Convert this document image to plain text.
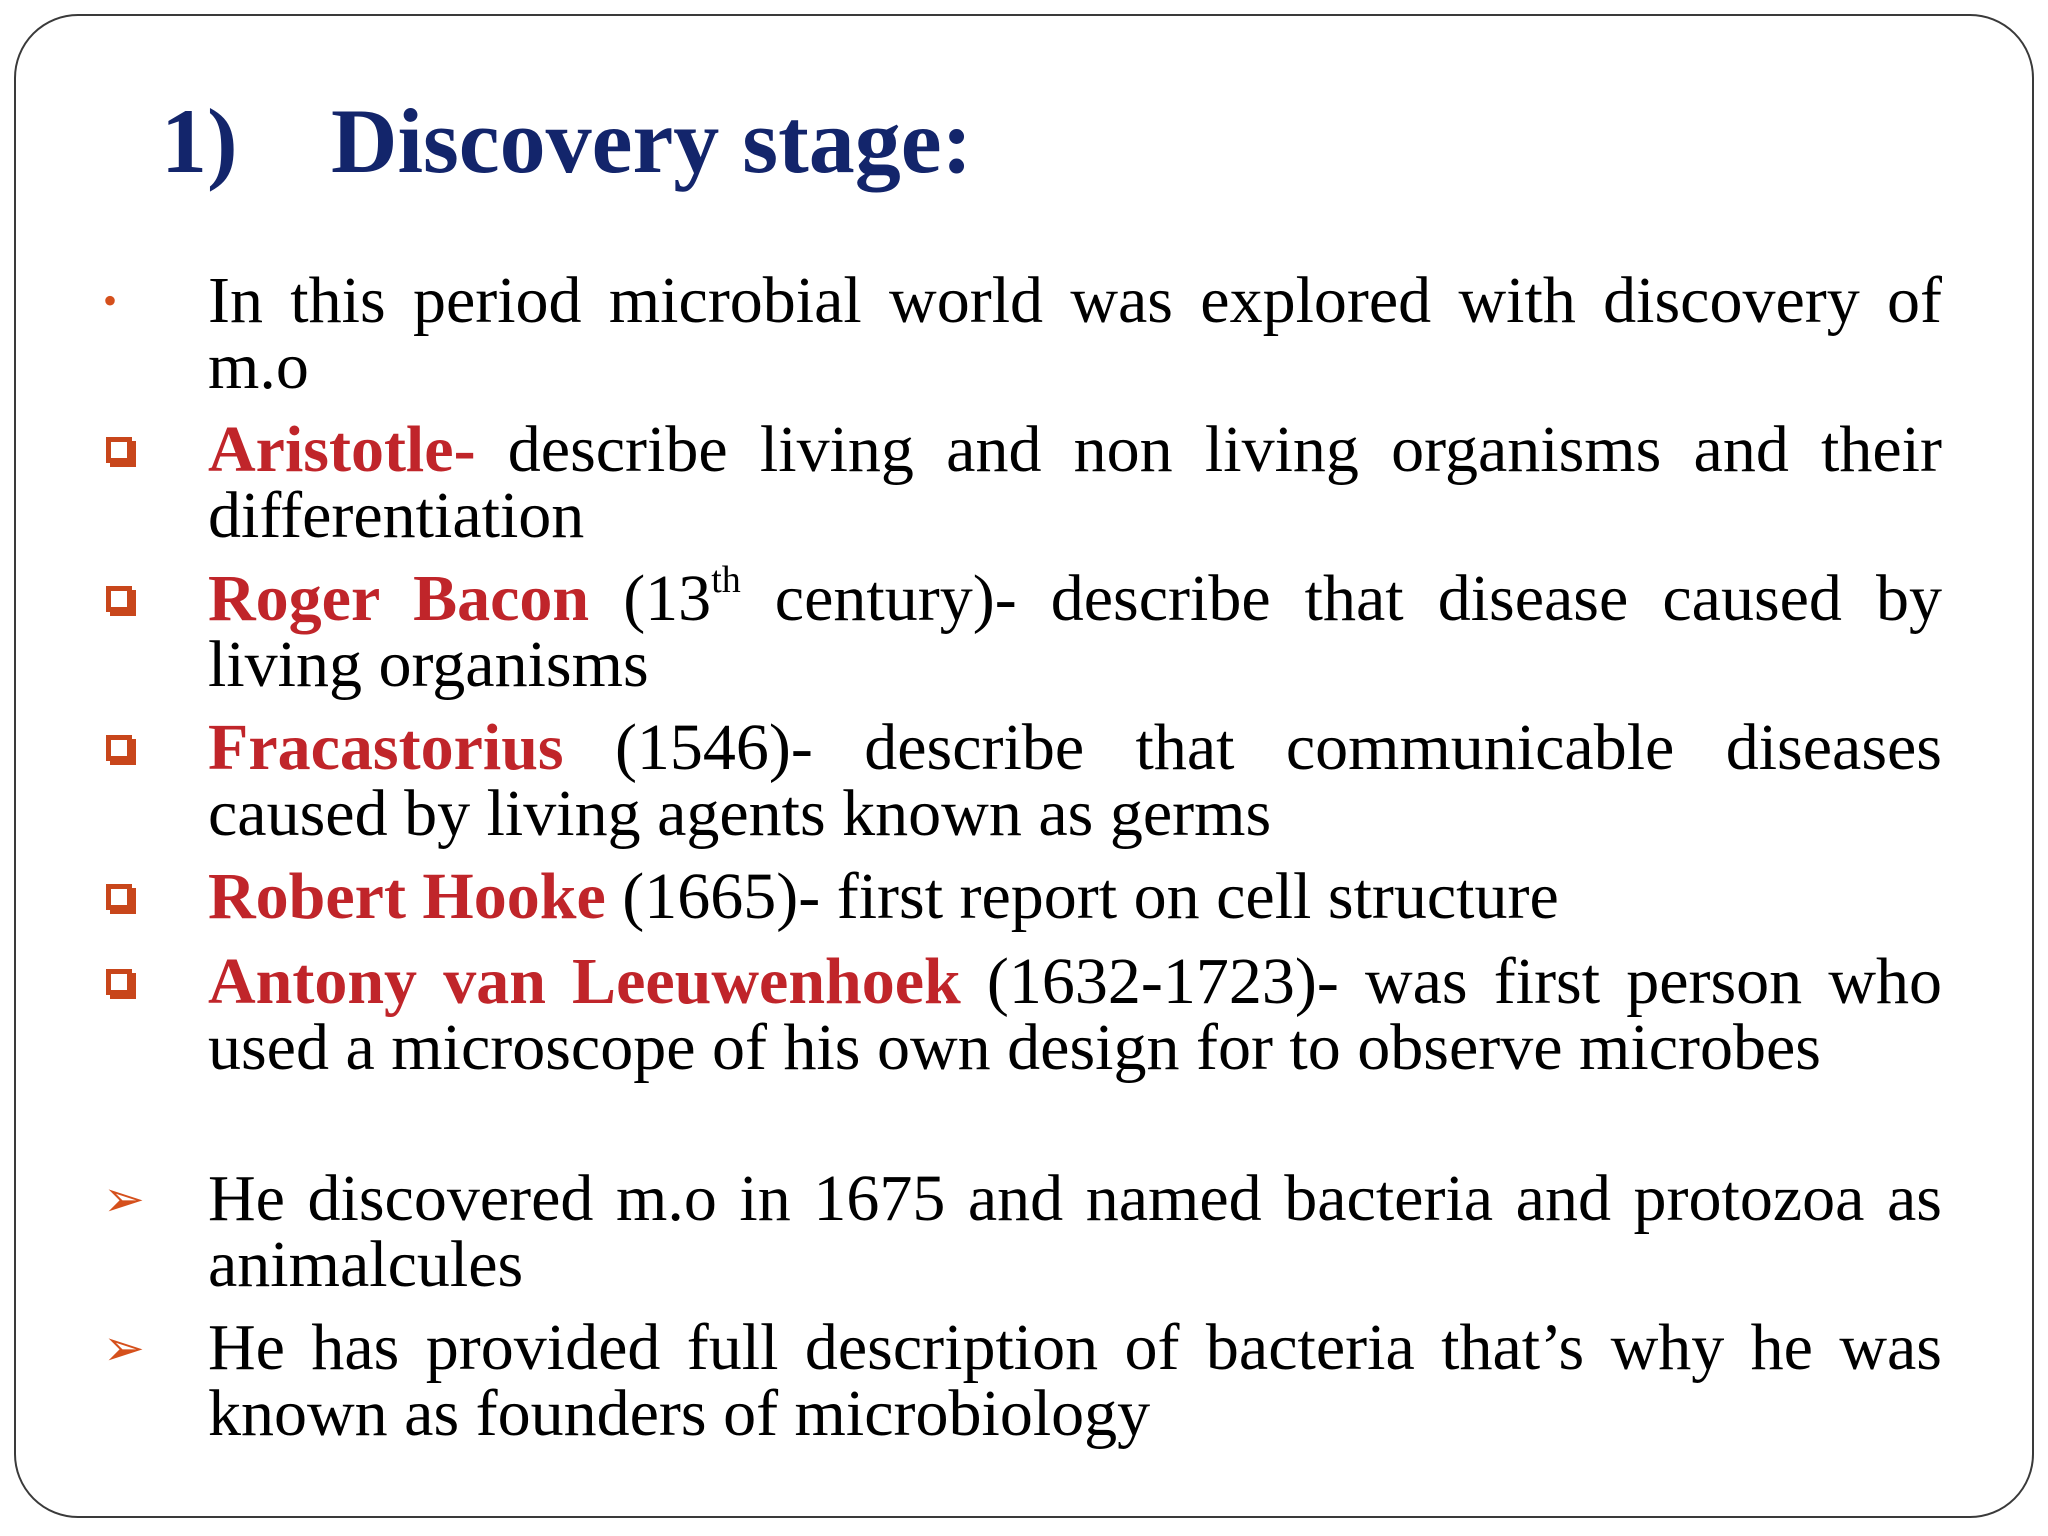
1) Discovery stage:
•	In this period microbial world was explored with discovery of m.o
Aristotle- describe living and non living organisms and their differentiation
Roger Bacon (13th century)- describe that disease caused by living organisms
Fracastorius (1546)- describe that communicable diseases caused by living agents known as germs
Robert Hooke (1665)- first report on cell structure
Antony van Leeuwenhoek (1632-1723)- was first person who used a microscope of his own design for to observe microbes
➢ He discovered m.o in 1675 and named bacteria and protozoa as animalcules
➢ He has provided full description of bacteria that’s why he was known as founders of microbiology
